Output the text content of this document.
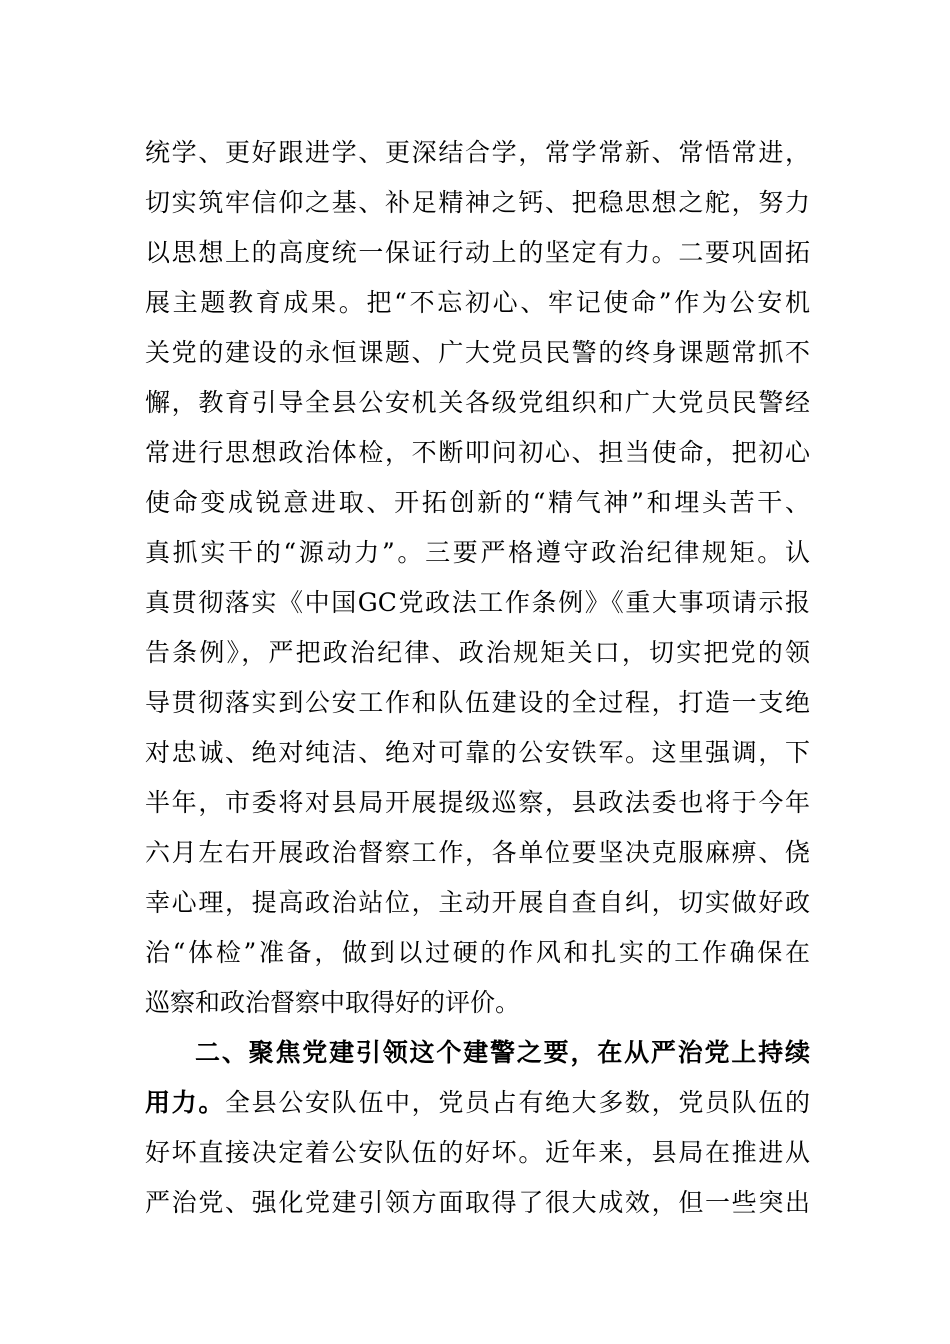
统学、更好跟进学、更深结合学，常学常新、常悟常进，
切实筑牢信仰之基、补足精神之钙、把稳思想之舵，努力
以思想上的高度统一保证行动上的坚定有力。二要巩固拓
展主题教育成果。把“不忘初心、牢记使命”作为公安机
关党的建设的永恒课题、广大党员民警的终身课题常抓不
懈，教育引导全县公安机关各级党组织和广大党员民警经
常进行思想政治体检，不断叩问初心、担当使命，把初心
使命变成锐意进取、开拓创新的“精气神”和埋头苦干、
真抓实干的“源动力”。三要严格遵守政治纪律规矩。认
真贯彻落实《中国GC党政法工作条例》《重大事项请示报
告条例》，严把政治纪律、政治规矩关口，切实把党的领
导贯彻落实到公安工作和队伍建设的全过程，打造一支绝
对忠诚、绝对纯洁、绝对可靠的公安铁军。这里强调，下
半年，市委将对县局开展提级巡察，县政法委也将于今年
六月左右开展政治督察工作，各单位要坚决克服麻痹、侥
幸心理，提高政治站位，主动开展自查自纠，切实做好政
治“体检”准备，做到以过硬的作风和扎实的工作确保在
巡察和政治督察中取得好的评价。
二、聚焦党建引领这个建警之要，在从严治党上持续
用力。全县公安队伍中，党员占有绝大多数，党员队伍的
好坏直接决定着公安队伍的好坏。近年来，县局在推进从
严治党、强化党建引领方面取得了很大成效，但一些突出
